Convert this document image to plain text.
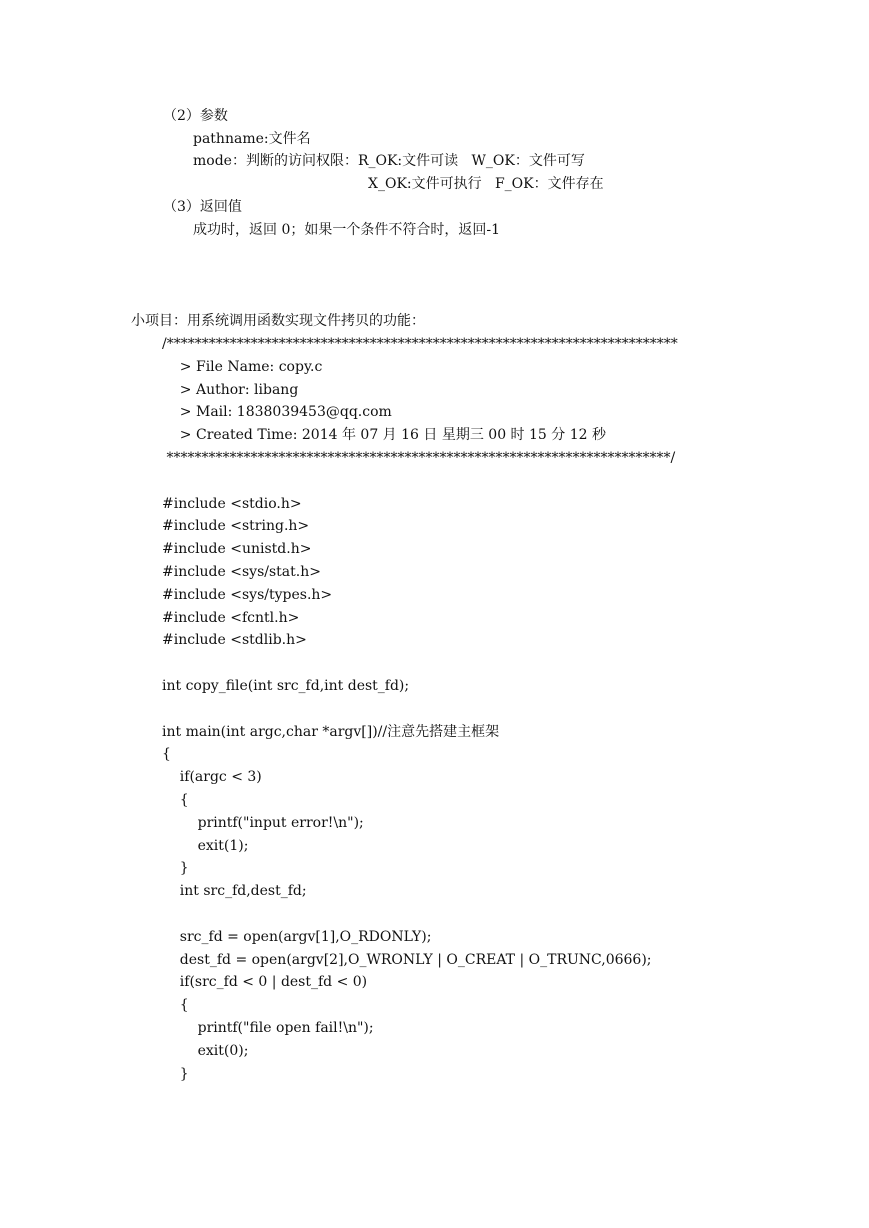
（2）参数

pathname:文件名

mode：判断的访问权限：R_OK:文件可读   W_OK：文件可写

X_OK:文件可执行   F_OK：文件存在

（3）返回值

成功时，返回 0；如果一个条件不符合时，返回-1

小项目：用系统调用函数实现文件拷贝的功能：

/*************************************************************************

> File Name: copy.c

> Author: libang

> Mail: 1838039453@qq.com

> Created Time: 2014 年 07 月 16 日 星期三 00 时 15 分 12 秒

************************************************************************/

#include <stdio.h>

#include <string.h>

#include <unistd.h>

#include <sys/stat.h>

#include <sys/types.h>

#include <fcntl.h>

#include <stdlib.h>

int copy_file(int src_fd,int dest_fd);

int main(int argc,char *argv[])//注意先搭建主框架

{

if(argc < 3)

{

printf("input error!\n");

exit(1);

}

int src_fd,dest_fd;

src_fd = open(argv[1],O_RDONLY);

dest_fd = open(argv[2],O_WRONLY | O_CREAT | O_TRUNC,0666);

if(src_fd < 0 | dest_fd < 0)

{

printf("file open fail!\n");

exit(0);

}
